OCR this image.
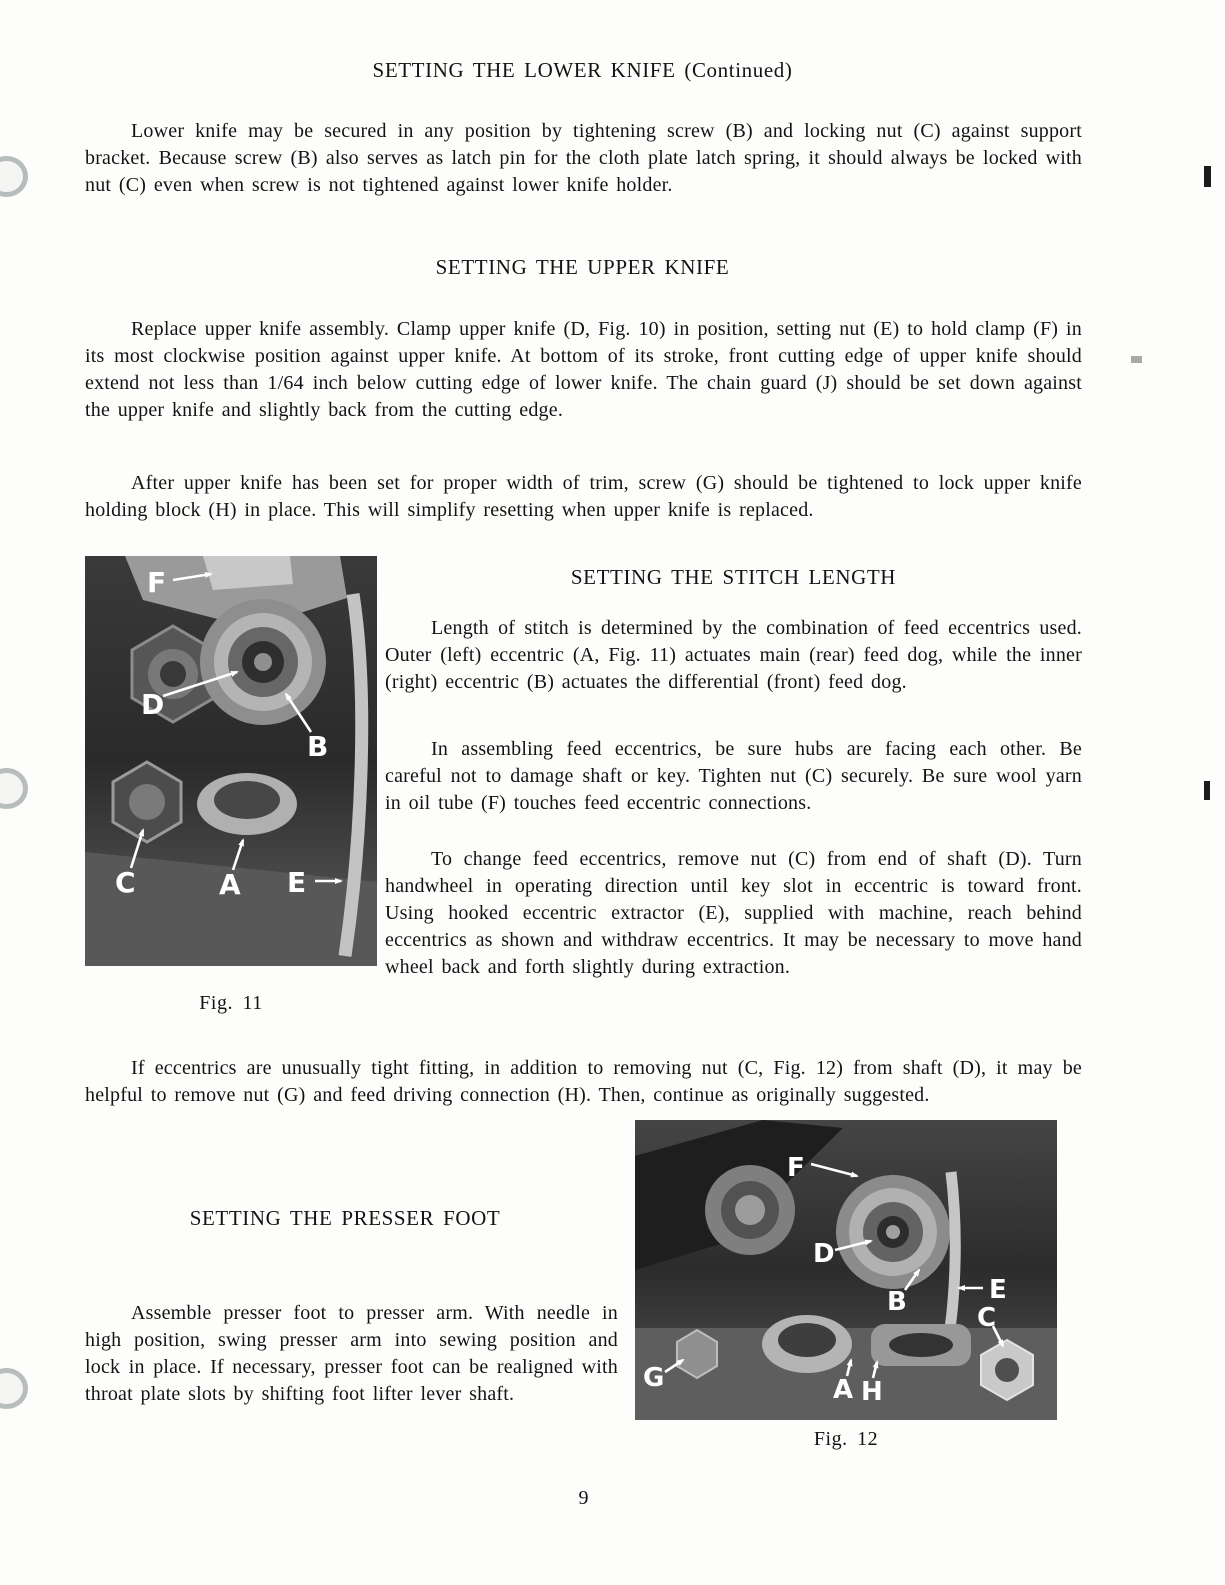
SETTING THE LOWER KNIFE (Continued)
Lower knife may be secured in any position by tightening screw (B) and locking nut (C) against support bracket. Because screw (B) also serves as latch pin for the cloth plate latch spring, it should always be locked with nut (C) even when screw is not tightened against lower knife holder.
SETTING THE UPPER KNIFE
Replace upper knife assembly. Clamp upper knife (D, Fig. 10) in position, setting nut (E) to hold clamp (F) in its most clockwise position against upper knife. At bottom of its stroke, front cutting edge of upper knife should extend not less than 1/64 inch below cutting edge of lower knife. The chain guard (J) should be set down against the upper knife and slightly back from the cutting edge.
After upper knife has been set for proper width of trim, screw (G) should be tightened to lock upper knife holding block (H) in place. This will simplify resetting when upper knife is replaced.
F
D
B
C	A E
Fig. 11
SETTING THE STITCH LENGTH
Length of stitch is determined by the combination of feed eccentrics used. Outer (left) eccentric (A, Fig. 11) actuates main (rear) feed dog, while the inner (right) eccentric (B) actuates the differential (front) feed dog.
In assembling feed eccentrics, be sure hubs are facing each other. Be careful not to damage shaft or key. Tighten nut (C) securely. Be sure wool yarn in oil tube (F) touches feed eccentric connections.
To change feed eccentrics, remove nut (C) from end of shaft (D). Turn handwheel in operating direction until key slot in eccentric is toward front. Using hooked eccentric extractor (E), supplied with machine, reach behind eccentrics as shown and withdraw eccentrics. It may be necessary to move hand wheel back and forth slightly during extraction.
If eccentrics are unusually tight fitting, in addition to removing nut (C, Fig. 12) from shaft (D), it may be helpful to remove nut (G) and feed driving connection (H). Then, continue as originally suggested.
SETTING THE PRESSER FOOT
Assemble presser foot to presser arm. With needle in high position, swing presser arm into sewing position and lock in place. If necessary, presser foot can be realigned with throat plate slots by shifting foot lifter lever shaft.
F
D
B	E
C
G	A H
Fig. 12
9
